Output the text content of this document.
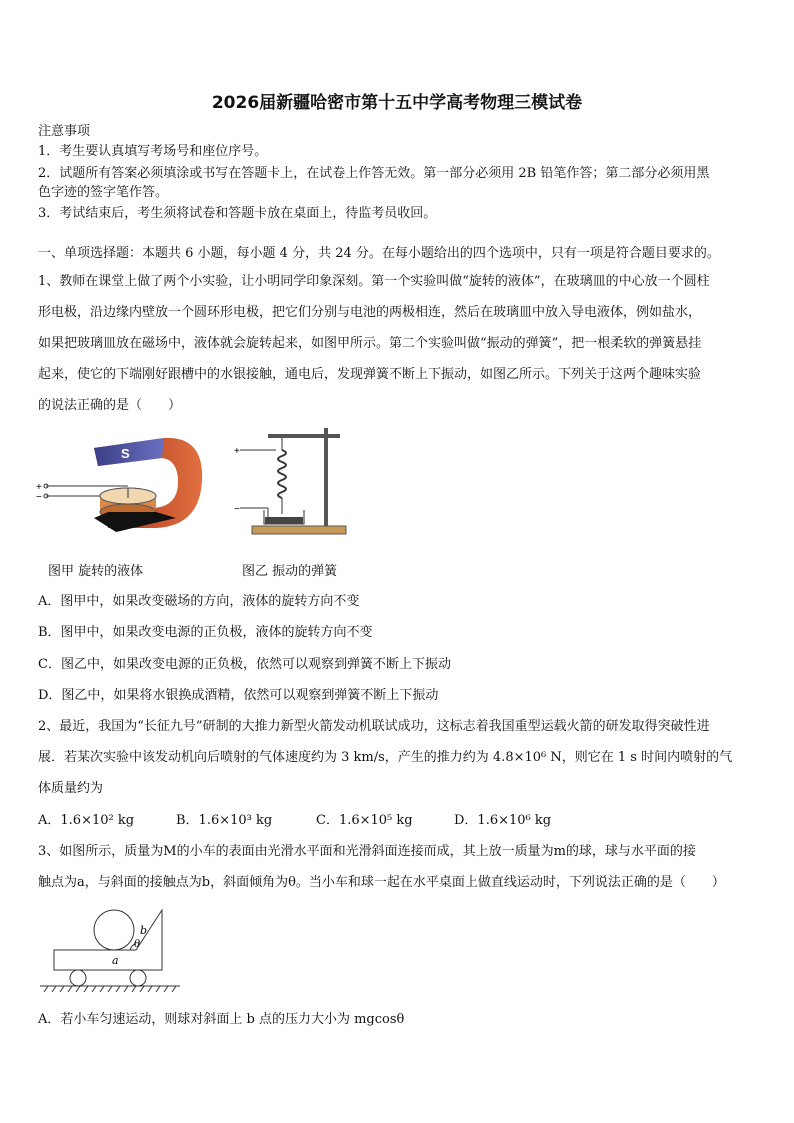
2026届新疆哈密市第十五中学高考物理三模试卷
注意事项
1．考生要认真填写考场号和座位序号。
2．试题所有答案必须填涂或书写在答题卡上，在试卷上作答无效。第一部分必须用 2B 铅笔作答；第二部分必须用黑
色字迹的签字笔作答。
3．考试结束后，考生须将试卷和答题卡放在桌面上，待监考员收回。
一、单项选择题：本题共 6 小题，每小题 4 分，共 24 分。在每小题给出的四个选项中，只有一项是符合题目要求的。
1、教师在课堂上做了两个小实验，让小明同学印象深刻。第一个实验叫做“旋转的液体”，在玻璃皿的中心放一个圆柱
形电极，沿边缘内壁放一个圆环形电极，把它们分别与电池的两极相连，然后在玻璃皿中放入导电液体，例如盐水，
如果把玻璃皿放在磁场中，液体就会旋转起来，如图甲所示。第二个实验叫做“振动的弹簧”，把一根柔软的弹簧悬挂
起来，使它的下端刚好跟槽中的水银接触，通电后，发现弹簧不断上下振动，如图乙所示。下列关于这两个趣味实验
的说法正确的是（　　）
S
+
−
+
−
图甲 旋转的液体	图乙 振动的弹簧
A．图甲中，如果改变磁场的方向，液体的旋转方向不变
B．图甲中，如果改变电源的正负极，液体的旋转方向不变
C．图乙中，如果改变电源的正负极，依然可以观察到弹簧不断上下振动
D．图乙中，如果将水银换成酒精，依然可以观察到弹簧不断上下振动
2、最近，我国为“长征九号”研制的大推力新型火箭发动机联试成功，这标志着我国重型运载火箭的研发取得突破性进
展．若某次实验中该发动机向后喷射的气体速度约为 3 km/s，产生的推力约为 4.8×10⁶ N，则它在 1 s 时间内喷射的气
体质量约为
A．1.6×10² kg	B．1.6×10³ kg	C．1.6×10⁵ kg	D．1.6×10⁶ kg
3、如图所示，质量为M的小车的表面由光滑水平面和光滑斜面连接而成，其上放一质量为m的球，球与水平面的接
触点为a，与斜面的接触点为b，斜面倾角为θ。当小车和球一起在水平桌面上做直线运动时，下列说法正确的是（　　）
b
θ
a
A．若小车匀速运动，则球对斜面上 b 点的压力大小为 mgcosθ
